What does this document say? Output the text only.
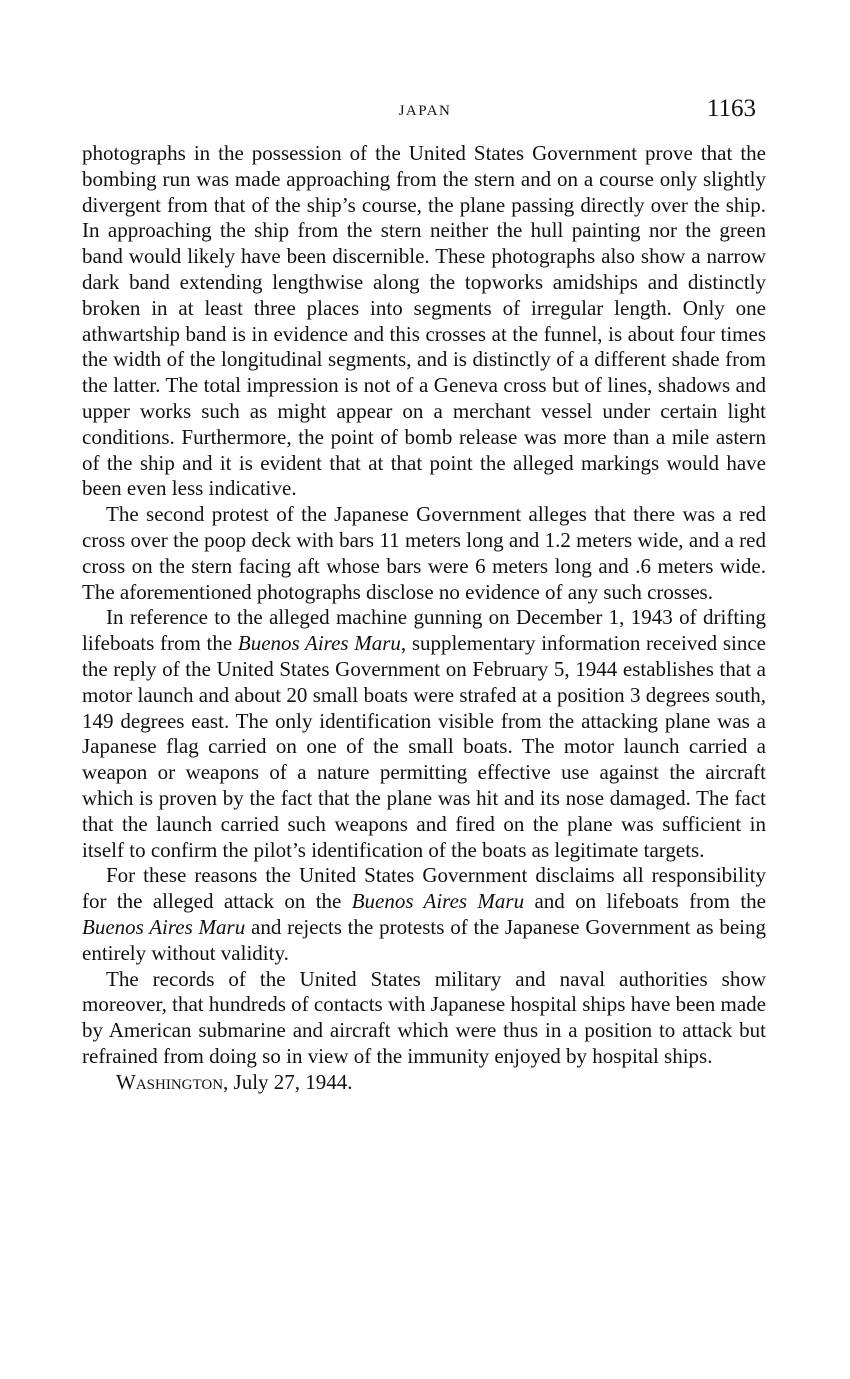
JAPAN	1163

photographs in the possession of the United States Government prove that the bombing run was made approaching from the stern and on a course only slightly divergent from that of the ship’s course, the plane passing directly over the ship. In approaching the ship from the stern neither the hull painting nor the green band would likely have been discernible. These photographs also show a narrow dark band extending lengthwise along the topworks amidships and distinctly broken in at least three places into segments of irregular length. Only one athwartship band is in evidence and this crosses at the funnel, is about four times the width of the longitudinal segments, and is distinctly of a different shade from the latter. The total impression is not of a Geneva cross but of lines, shadows and upper works such as might appear on a merchant vessel under certain light conditions. Furthermore, the point of bomb release was more than a mile astern of the ship and it is evident that at that point the alleged markings would have been even less indicative.

The second protest of the Japanese Government alleges that there was a red cross over the poop deck with bars 11 meters long and 1.2 meters wide, and a red cross on the stern facing aft whose bars were 6 meters long and .6 meters wide. The aforementioned photographs disclose no evidence of any such crosses.

In reference to the alleged machine gunning on December 1, 1943 of drifting lifeboats from the Buenos Aires Maru, supplementary information received since the reply of the United States Government on February 5, 1944 establishes that a motor launch and about 20 small boats were strafed at a position 3 degrees south, 149 degrees east. The only identification visible from the attacking plane was a Japanese flag carried on one of the small boats. The motor launch carried a weapon or weapons of a nature permitting effective use against the aircraft which is proven by the fact that the plane was hit and its nose damaged. The fact that the launch carried such weapons and fired on the plane was sufficient in itself to confirm the pilot’s identification of the boats as legitimate targets.

For these reasons the United States Government disclaims all responsibility for the alleged attack on the Buenos Aires Maru and on lifeboats from the Buenos Aires Maru and rejects the protests of the Japanese Government as being entirely without validity.

The records of the United States military and naval authorities show moreover, that hundreds of contacts with Japanese hospital ships have been made by American submarine and aircraft which were thus in a position to attack but refrained from doing so in view of the immunity enjoyed by hospital ships.

Washington, July 27, 1944.
